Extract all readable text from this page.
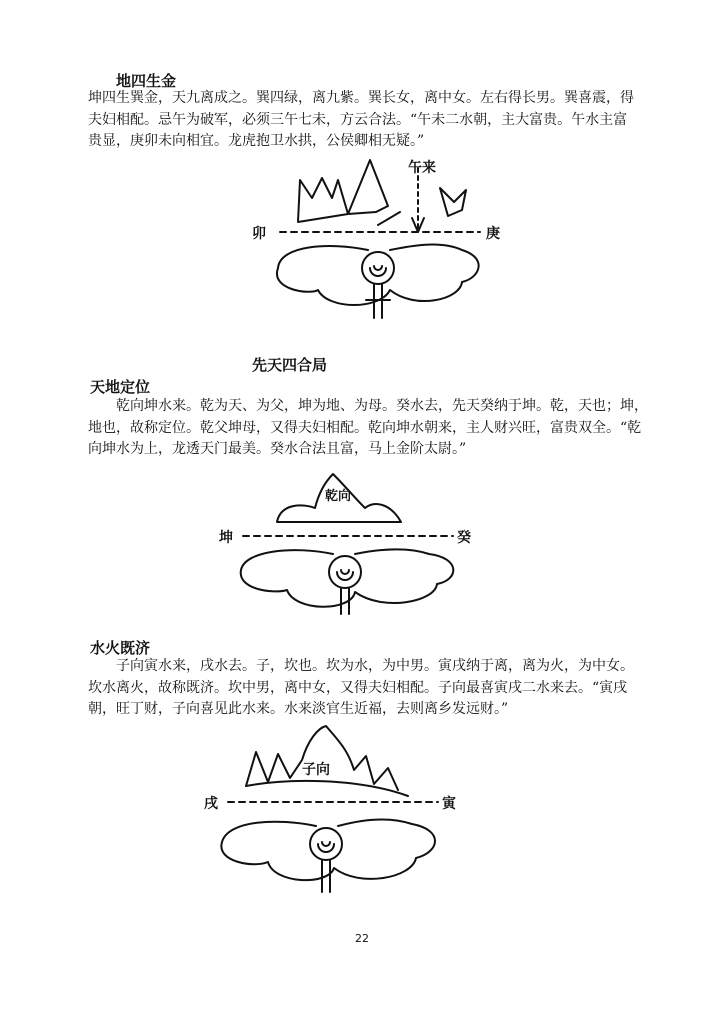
地四生金
坤四生巽金，天九离成之。巽四绿，离九紫。巽长女，离中女。左右得长男。巽喜震，得
夫妇相配。忌午为破军，必须三午七未，方云合法。“午未二水朝，主大富贵。午水主富
贵显，庚卯未向相宜。龙虎抱卫水拱，公侯卿相无疑。”
午来
卯	庚
先天四合局
天地定位
乾向坤水来。乾为天、为父，坤为地、为母。癸水去，先天癸纳于坤。乾，天也；坤，
地也，故称定位。乾父坤母，又得夫妇相配。乾向坤水朝来，主人财兴旺，富贵双全。“乾
向坤水为上，龙透天门最美。癸水合法且富，马上金阶太尉。”
乾向
坤	癸
水火既济
子向寅水来，戌水去。子，坎也。坎为水，为中男。寅戌纳于离，离为火，为中女。
坎水离火，故称既济。坎中男，离中女，又得夫妇相配。子向最喜寅戌二水来去。“寅戌
朝，旺丁财，子向喜见此水来。水来淡官生近福，去则离乡发远财。”
子向
戌	寅
22
